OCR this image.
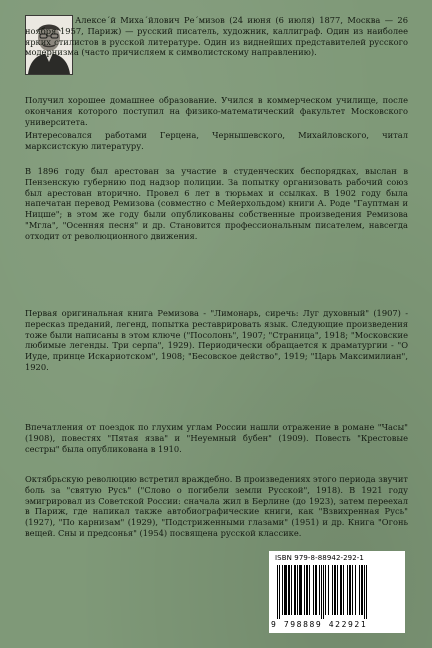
Алексе´й Миха´йлович Ре´мизов (24 июня (6 июля) 1877, Москва — 26 ноября 1957, Париж) — русский писатель, художник, каллиграф. Один из наиболее ярких стилистов в русской литературе. Один из виднейших представителей русского модернизма (часто причисляем к символистскому направлению).
Получил хорошее домашнее образование. Учился в коммерческом училище, после окончания которого поступил на физико-математический факультет Московского университета.
Интересовался работами Герцена, Чернышевского, Михайловского, читал марксистскую литературу.
В 1896 году был арестован за участие в студенческих беспорядках, выслан в Пензенскую губернию под надзор полиции. За попытку организовать рабочий союз был арестован вторично. Провел 6 лет в тюрьмах и ссылках. В 1902 году была напечатан перевод Ремизова (совместно с Мейерхольдом) книги А. Роде "Гауптман и Ницше"; в этом же году были опубликованы собственные произведения Ремизова "Мгла", "Осенняя песня" и др. Становится профессиональным писателем, навсегда отходит от революционного движения.
Первая оригинальная книга Ремизова - "Лимонарь, сиречь: Луг духовный" (1907) - пересказ преданий, легенд, попытка реставрировать язык. Следующие произведения тоже были написаны в этом ключе ("Посолонь", 1907; "Страница", 1918; "Московские любимые легенды. Три серпа", 1929). Периодически обращается к драматургии - "О Иуде, принце Искариотском", 1908; "Бесовское действо", 1919; "Царь Максимилиан", 1920.
Впечатления от поездок по глухим углам России нашли отражение в романе "Часы" (1908), повестях "Пятая язва" и "Неуемный бубен" (1909). Повесть "Крестовые сестры" была опубликована в 1910.
Октябрьскую революцию встретил враждебно. В произведениях этого периода звучит боль за "святую Русь" ("Слово о погибели земли Русской", 1918). В 1921 году эмигрировал из Советской России: сначала жил в Берлине (до 1923), затем переехал в Париж, где напикал также автобиографические книги, как "Взвихренная Русь" (1927), "По карнизам" (1929), "Подстриженными глазами" (1951) и др. Книга "Огонь вещей. Сны и предсонья" (1954) посвящена русской классике.
ISBN 979-8-88942-292-1
9 798889 422921
